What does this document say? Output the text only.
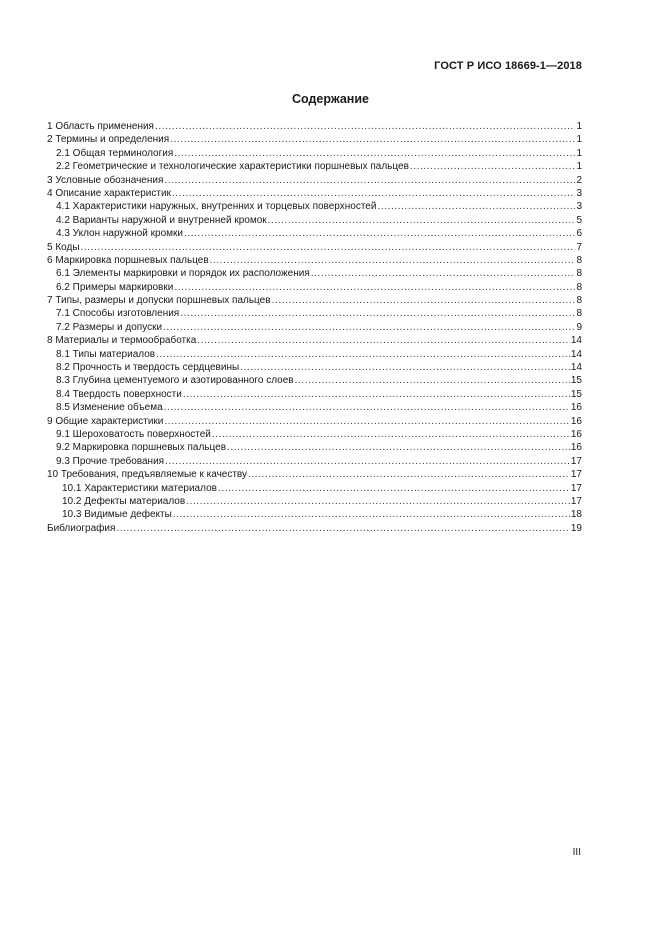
ГОСТ Р ИСО 18669-1—2018
Содержание
1 Область применения .....	1
2 Термины и определения .....	1
2.1 Общая терминология .....	1
2.2 Геометрические и технологические характеристики поршневых пальцев .....	1
3 Условные обозначения .....	2
4 Описание характеристик .....	3
4.1 Характеристики наружных, внутренних и торцевых поверхностей .....	3
4.2 Варианты наружной и внутренней кромок .....	5
4.3 Уклон наружной кромки .....	6
5 Коды .....	7
6 Маркировка поршневых пальцев .....	8
6.1 Элементы маркировки и порядок их расположения .....	8
6.2 Примеры маркировки .....	8
7 Типы, размеры и допуски поршневых пальцев .....	8
7.1 Способы изготовления .....	8
7.2 Размеры и допуски .....	9
8 Материалы и термообработка .....	14
8.1 Типы материалов .....	14
8.2 Прочность и твердость сердцевины .....	14
8.3 Глубина цементуемого и азотированного слоев .....	15
8.4 Твердость поверхности .....	15
8.5 Изменение объема .....	16
9 Общие характеристики .....	16
9.1 Шероховатость поверхностей .....	16
9.2 Маркировка поршневых пальцев .....	16
9.3 Прочие требования .....	17
10 Требования, предъявляемые к качеству .....	17
10.1 Характеристики материалов .....	17
10.2 Дефекты материалов .....	17
10.3 Видимые дефекты .....	18
Библиография .....	19
III
